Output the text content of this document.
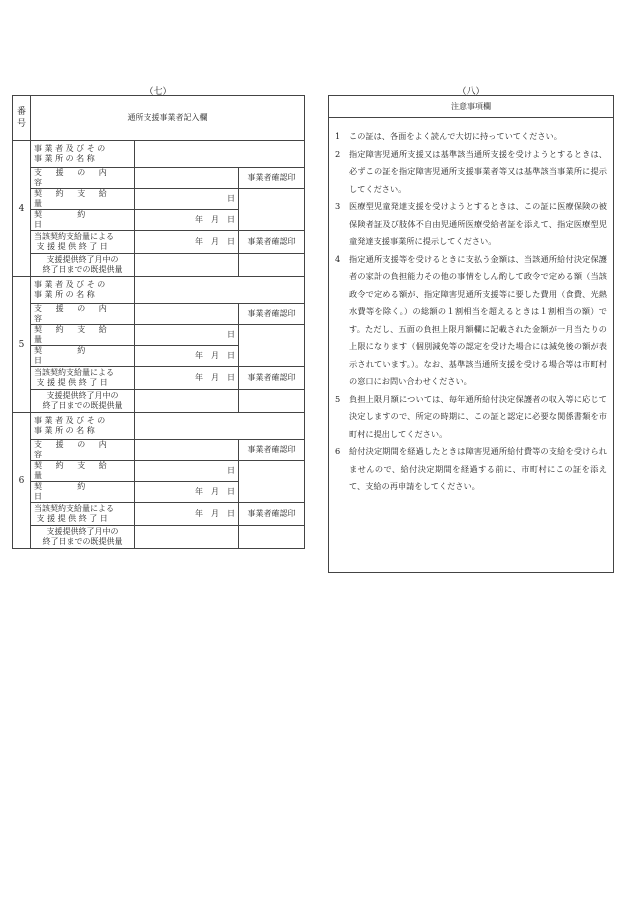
（七）	（八）
番
号	通所支援事業者記入欄		
4	事 業 者 及 び そ の
事 業 所 の 名 称		
	支　援　の　内　容		事業者確認印
	契　約　支　給　量	日	
	契　　　約　　　日	年　月　日	
	当該契約支給量による
支 援 提 供 終 了 日	年　月　日	事業者確認印
	支援提供終了月中の
終了日までの既提供量		
5	事 業 者 及 び そ の
事 業 所 の 名 称		
	支　援　の　内　容		事業者確認印
	契　約　支　給　量	日	
	契　　　約　　　日	年　月　日	
	当該契約支給量による
支 援 提 供 終 了 日	年　月　日	事業者確認印
	支援提供終了月中の
終了日までの既提供量		
6	事 業 者 及 び そ の
事 業 所 の 名 称		
	支　援　の　内　容		事業者確認印
	契　約　支　給　量	日	
	契　　　約　　　日	年　月　日	
	当該契約支給量による
支 援 提 供 終 了 日	年　月　日	事業者確認印
	支援提供終了月中の
終了日までの既提供量		
注意事項欄
1	この証は、各面をよく読んで大切に持っていてください。
2	指定障害児通所支援又は基準該当通所支援を受けようとするときは、必ずこの証を指定障害児通所支援事業者等又は基準該当事業所に提示してください。
3	医療型児童発達支援を受けようとするときは、この証に医療保険の被保険者証及び肢体不自由児通所医療受給者証を添えて、指定医療型児童発達支援事業所に提示してください。
4	指定通所支援等を受けるときに支払う金額は、当該通所給付決定保護者の家計の負担能力その他の事情をしん酌して政令で定める額（当該政令で定める額が、指定障害児通所支援等に要した費用（食費、光熱水費等を除く。）の総額の１割相当を超えるときは１割相当の額）です。ただし、五面の負担上限月額欄に記載された金額が一月当たりの上限になります（個別減免等の認定を受けた場合には減免後の額が表示されています。）。なお、基準該当通所支援を受ける場合等は市町村の窓口にお問い合わせください。
5	負担上限月額については、毎年通所給付決定保護者の収入等に応じて決定しますので、所定の時期に、この証と認定に必要な関係書類を市町村に提出してください。
6	給付決定期間を経過したときは障害児通所給付費等の支給を受けられませんので、給付決定期間を経過する前に、市町村にこの証を添えて、支給の再申請をしてください。
